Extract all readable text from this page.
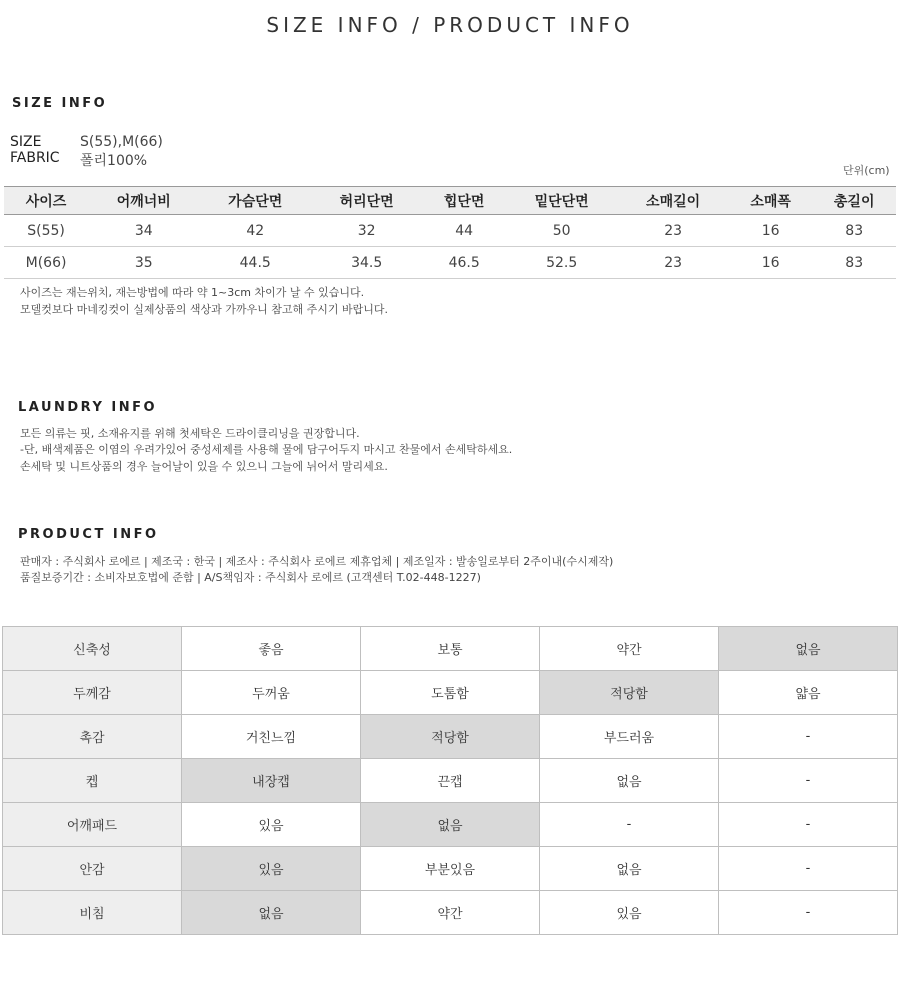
SIZE INFO / PRODUCT INFO
SIZE INFO
SIZE	S(55),M(66)
FABRIC 폴리100%
단위(cm)
사이즈	어깨너비	가슴단면	허리단면	힙단면	밑단단면	소매길이	소매폭	총길이
S(55)	34	42	32	44	50	23	16	83
M(66)	35	44.5	34.5	46.5	52.5	23	16	83
사이즈는 재는위치, 재는방법에 따라 약 1~3cm 차이가 날 수 있습니다.
모델컷보다 마네킹컷이 실제상품의 색상과 가까우니 참고해 주시기 바랍니다.
LAUNDRY INFO
모든 의류는 핏, 소재유지를 위해 첫세탁은 드라이클리닝을 권장합니다.
-단, 배색제품은 이염의 우려가있어 중성세제를 사용해 물에 담구어두지 마시고 찬물에서 손세탁하세요.
손세탁 및 니트상품의 경우 늘어날이 있을 수 있으니 그늘에 뉘어서 말리세요.
PRODUCT INFO
판매자 : 주식회사 로에르 | 제조국 : 한국 | 제조사 : 주식회사 로에르 제휴업체 | 제조일자 : 발송일로부터 2주이내(수시제작)
품질보증기간 : 소비자보호법에 준함 | A/S책임자 : 주식회사 로에르 (고객센터 T.02-448-1227)
신축성	좋음	보통	약간	없음
두께감	두꺼움	도톰함	적당함	얇음
촉감	거친느낌	적당함	부드러움	-
켑	내장캡	끈캡	없음	-
어깨패드	있음	없음	-	-
안감	있음	부분있음	없음	-
비침	없음	약간	있음	-
